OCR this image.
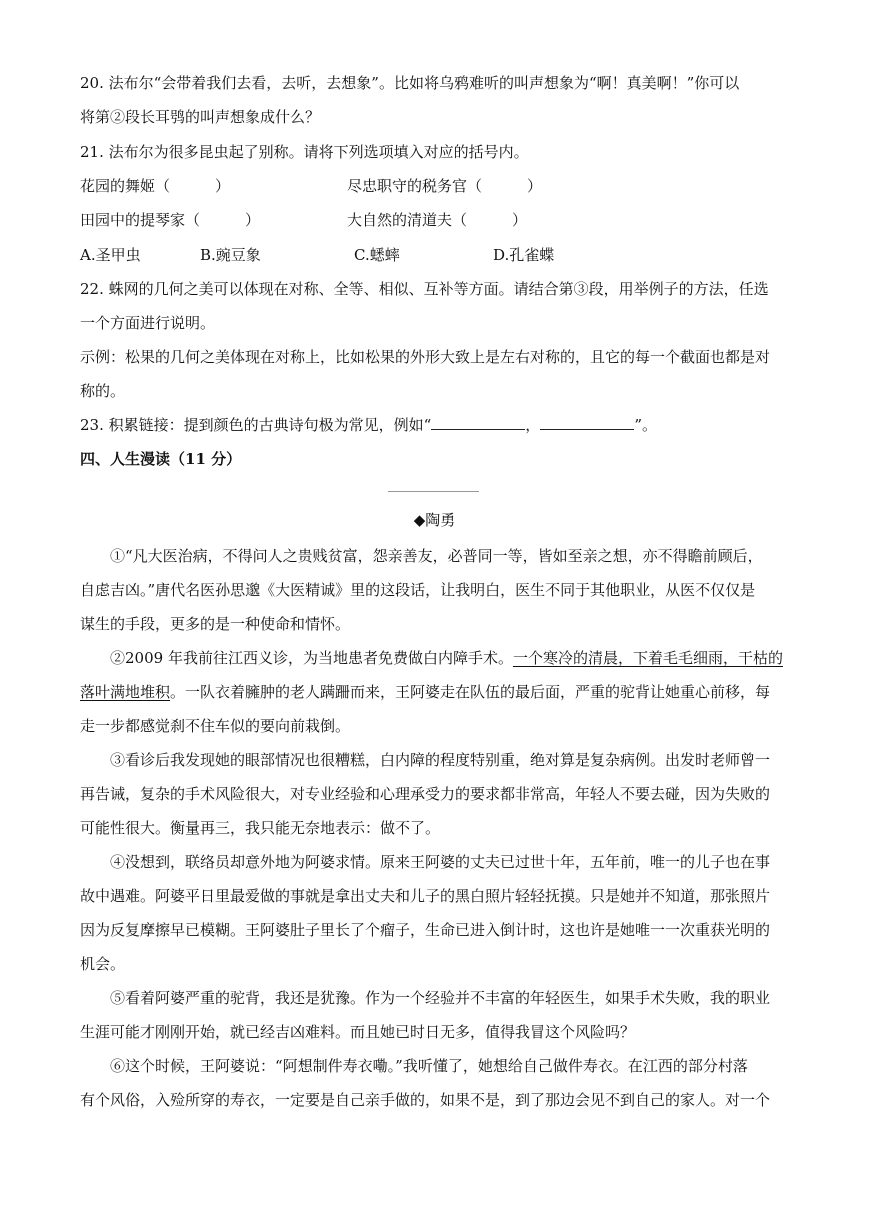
20. 法布尔“会带着我们去看，去听，去想象”。比如将乌鸦难听的叫声想象为“啊！真美啊！”你可以
将第②段长耳鸮的叫声想象成什么？
21. 法布尔为很多昆虫起了别称。请将下列选项填入对应的括号内。
花园的舞姬（　　　）	尽忠职守的税务官（　　　）
田园中的提琴家（　　　）	大自然的清道夫（　　　）
A.圣甲虫	B.豌豆象	C.蟋蟀	D.孔雀蝶
22. 蛛网的几何之美可以体现在对称、全等、相似、互补等方面。请结合第③段，用举例子的方法，任选
一个方面进行说明。
示例：松果的几何之美体现在对称上，比如松果的外形大致上是左右对称的，且它的每一个截面也都是对
称的。
23. 积累链接：提到颜色的古典诗句极为常见，例如“	，	”。
四、人生漫读（11 分）
◆陶勇
①“凡大医治病，不得问人之贵贱贫富，怨亲善友，必普同一等，皆如至亲之想，亦不得瞻前顾后，
自虑吉凶。”唐代名医孙思邈《大医精诚》里的这段话，让我明白，医生不同于其他职业，从医不仅仅是
谋生的手段，更多的是一种使命和情怀。
②2009 年我前往江西义诊，为当地患者免费做白内障手术。一个寒冷的清晨，下着毛毛细雨，干枯的
落叶满地堆积。一队衣着臃肿的老人蹒跚而来，王阿婆走在队伍的最后面，严重的驼背让她重心前移，每
走一步都感觉刹不住车似的要向前栽倒。
③看诊后我发现她的眼部情况也很糟糕，白内障的程度特别重，绝对算是复杂病例。出发时老师曾一
再告诫，复杂的手术风险很大，对专业经验和心理承受力的要求都非常高，年轻人不要去碰，因为失败的
可能性很大。衡量再三，我只能无奈地表示：做不了。
④没想到，联络员却意外地为阿婆求情。原来王阿婆的丈夫已过世十年，五年前，唯一的儿子也在事
故中遇难。阿婆平日里最爱做的事就是拿出丈夫和儿子的黑白照片轻轻抚摸。只是她并不知道，那张照片
因为反复摩擦早已模糊。王阿婆肚子里长了个瘤子，生命已进入倒计时，这也许是她唯一一次重获光明的
机会。
⑤看着阿婆严重的驼背，我还是犹豫。作为一个经验并不丰富的年轻医生，如果手术失败，我的职业
生涯可能才刚刚开始，就已经吉凶难料。而且她已时日无多，值得我冒这个风险吗？
⑥这个时候，王阿婆说：“阿想制件寿衣嘞。”我听懂了，她想给自己做件寿衣。在江西的部分村落
有个风俗，入殓所穿的寿衣，一定要是自己亲手做的，如果不是，到了那边会见不到自己的家人。对一个
